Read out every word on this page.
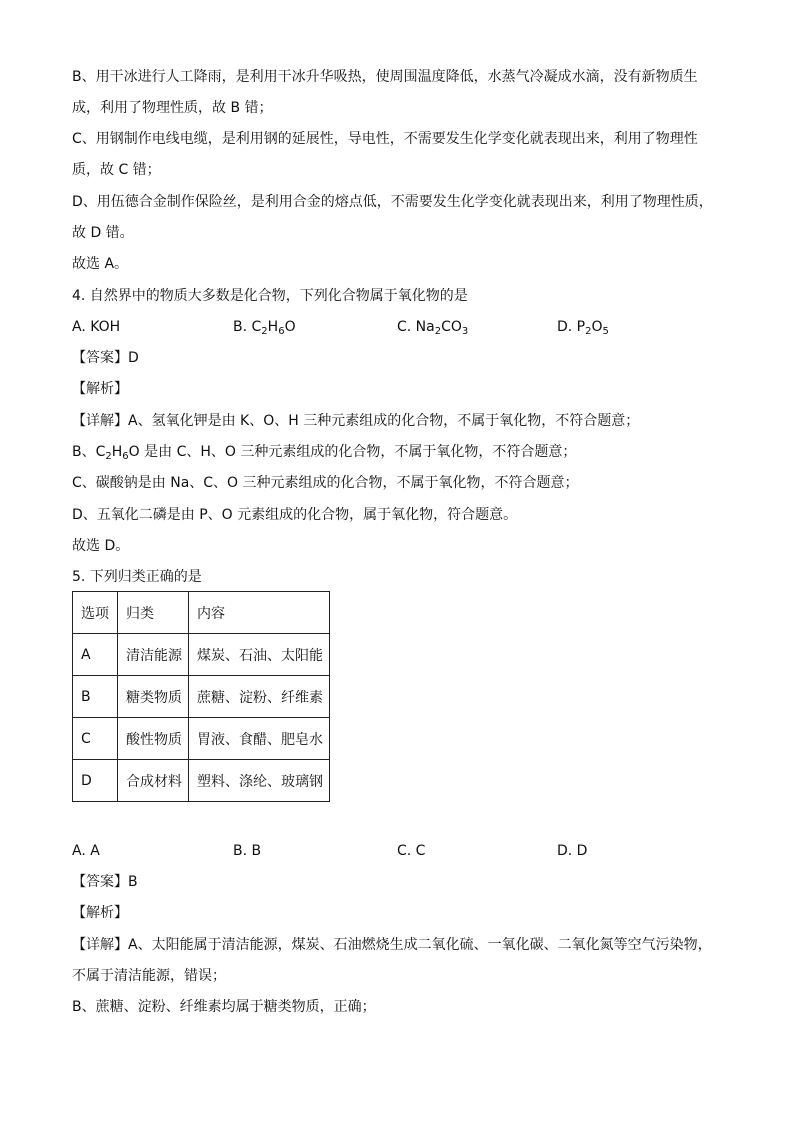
B、用干冰进行人工降雨，是利用干冰升华吸热，使周围温度降低，水蒸气冷凝成水滴，没有新物质生
成，利用了物理性质，故 B 错；
C、用钢制作电线电缆，是利用钢的延展性，导电性，不需要发生化学变化就表现出来，利用了物理性
质，故 C 错；
D、用伍德合金制作保险丝，是利用合金的熔点低，不需要发生化学变化就表现出来，利用了物理性质，
故 D 错。
故选 A。
4. 自然界中的物质大多数是化合物，下列化合物属于氧化物的是
A. KOH	B. $C_2H_6O$	C. $Na_2CO_3$	D. $P_2O_5$
【答案】D
【解析】
【详解】A、氢氧化钾是由 K、O、H 三种元素组成的化合物，不属于氧化物，不符合题意；
B、$C_2H_6O$ 是由 C、H、O 三种元素组成的化合物，不属于氧化物，不符合题意；
C、碳酸钠是由 Na、C、O 三种元素组成的化合物，不属于氧化物，不符合题意；
D、五氧化二磷是由 P、O 元素组成的化合物，属于氧化物，符合题意。
故选 D。
5. 下列归类正确的是
选项	归类	内容
A	清洁能源	煤炭、石油、太阳能
B	糖类物质	蔗糖、淀粉、纤维素
C	酸性物质	胃液、食醋、肥皂水
D	合成材料	塑料、涤纶、玻璃钢
A. A	B. B	C. C	D. D
【答案】B
【解析】
【详解】A、太阳能属于清洁能源，煤炭、石油燃烧生成二氧化硫、一氧化碳、二氧化氮等空气污染物，
不属于清洁能源，错误；
B、蔗糖、淀粉、纤维素均属于糖类物质，正确；
